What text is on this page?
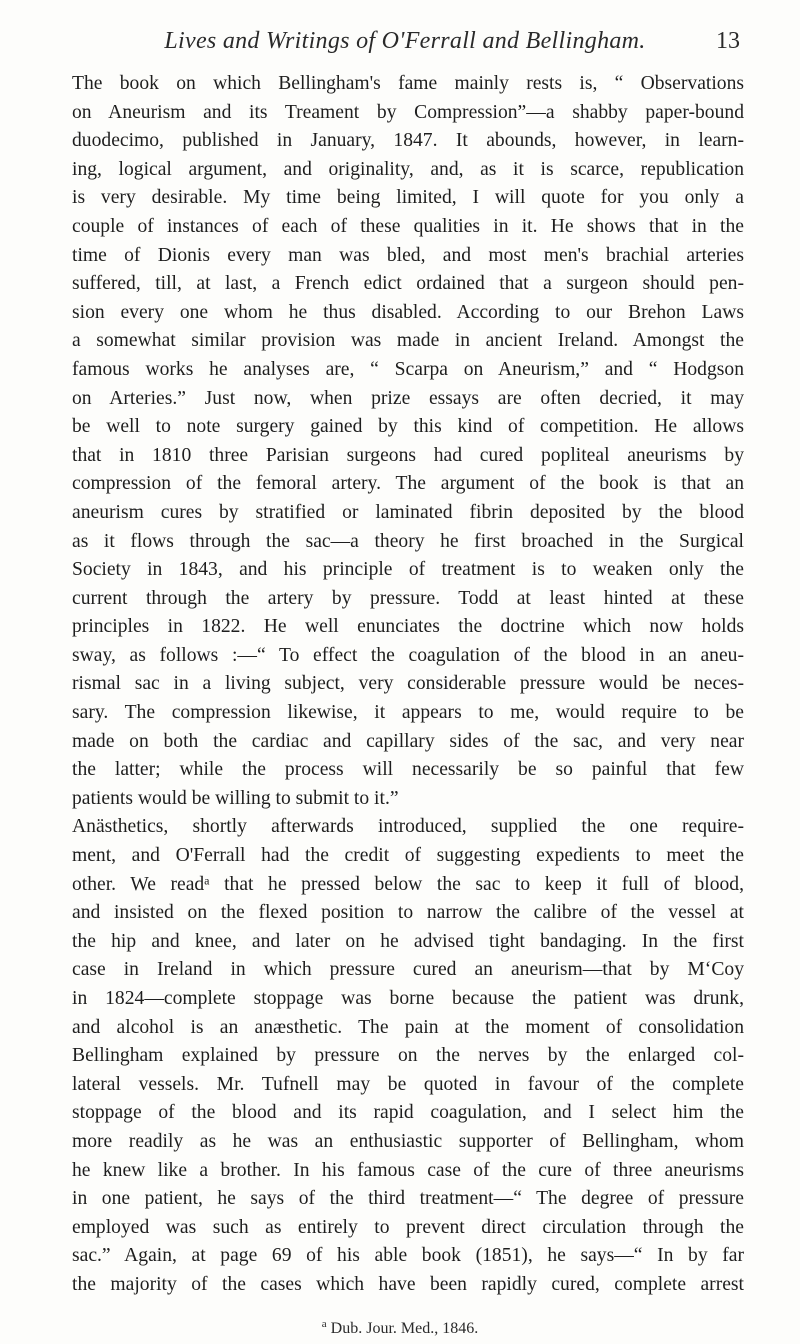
Lives and Writings of O'Ferrall and Bellingham.	13
The book on which Bellingham's fame mainly rests is, “ Observations
on Aneurism and its Treament by Compression”—a shabby paper-bound
duodecimo, published in January, 1847. It abounds, however, in learn-
ing, logical argument, and originality, and, as it is scarce, republication
is very desirable. My time being limited, I will quote for you only a
couple of instances of each of these qualities in it. He shows that in the
time of Dionis every man was bled, and most men's brachial arteries
suffered, till, at last, a French edict ordained that a surgeon should pen-
sion every one whom he thus disabled. According to our Brehon Laws
a somewhat similar provision was made in ancient Ireland. Amongst the
famous works he analyses are, “ Scarpa on Aneurism,” and “ Hodgson
on Arteries.” Just now, when prize essays are often decried, it may
be well to note surgery gained by this kind of competition. He allows
that in 1810 three Parisian surgeons had cured popliteal aneurisms by
compression of the femoral artery. The argument of the book is that an
aneurism cures by stratified or laminated fibrin deposited by the blood
as it flows through the sac—a theory he first broached in the Surgical
Society in 1843, and his principle of treatment is to weaken only the
current through the artery by pressure. Todd at least hinted at these
principles in 1822. He well enunciates the doctrine which now holds
sway, as follows :—“ To effect the coagulation of the blood in an aneu-
rismal sac in a living subject, very considerable pressure would be neces-
sary. The compression likewise, it appears to me, would require to be
made on both the cardiac and capillary sides of the sac, and very near
the latter; while the process will necessarily be so painful that few
patients would be willing to submit to it.”
Anästhetics, shortly afterwards introduced, supplied the one require-
ment, and O'Ferrall had the credit of suggesting expedients to meet the
other. We readᵃ that he pressed below the sac to keep it full of blood,
and insisted on the flexed position to narrow the calibre of the vessel at
the hip and knee, and later on he advised tight bandaging. In the first
case in Ireland in which pressure cured an aneurism—that by M‘Coy
in 1824—complete stoppage was borne because the patient was drunk,
and alcohol is an anæsthetic. The pain at the moment of consolidation
Bellingham explained by pressure on the nerves by the enlarged col-
lateral vessels. Mr. Tufnell may be quoted in favour of the complete
stoppage of the blood and its rapid coagulation, and I select him the
more readily as he was an enthusiastic supporter of Bellingham, whom
he knew like a brother. In his famous case of the cure of three aneurisms
in one patient, he says of the third treatment—“ The degree of pressure
employed was such as entirely to prevent direct circulation through the
sac.” Again, at page 69 of his able book (1851), he says—“ In by far
the majority of the cases which have been rapidly cured, complete arrest
$^a$ Dub. Jour. Med., 1846.
